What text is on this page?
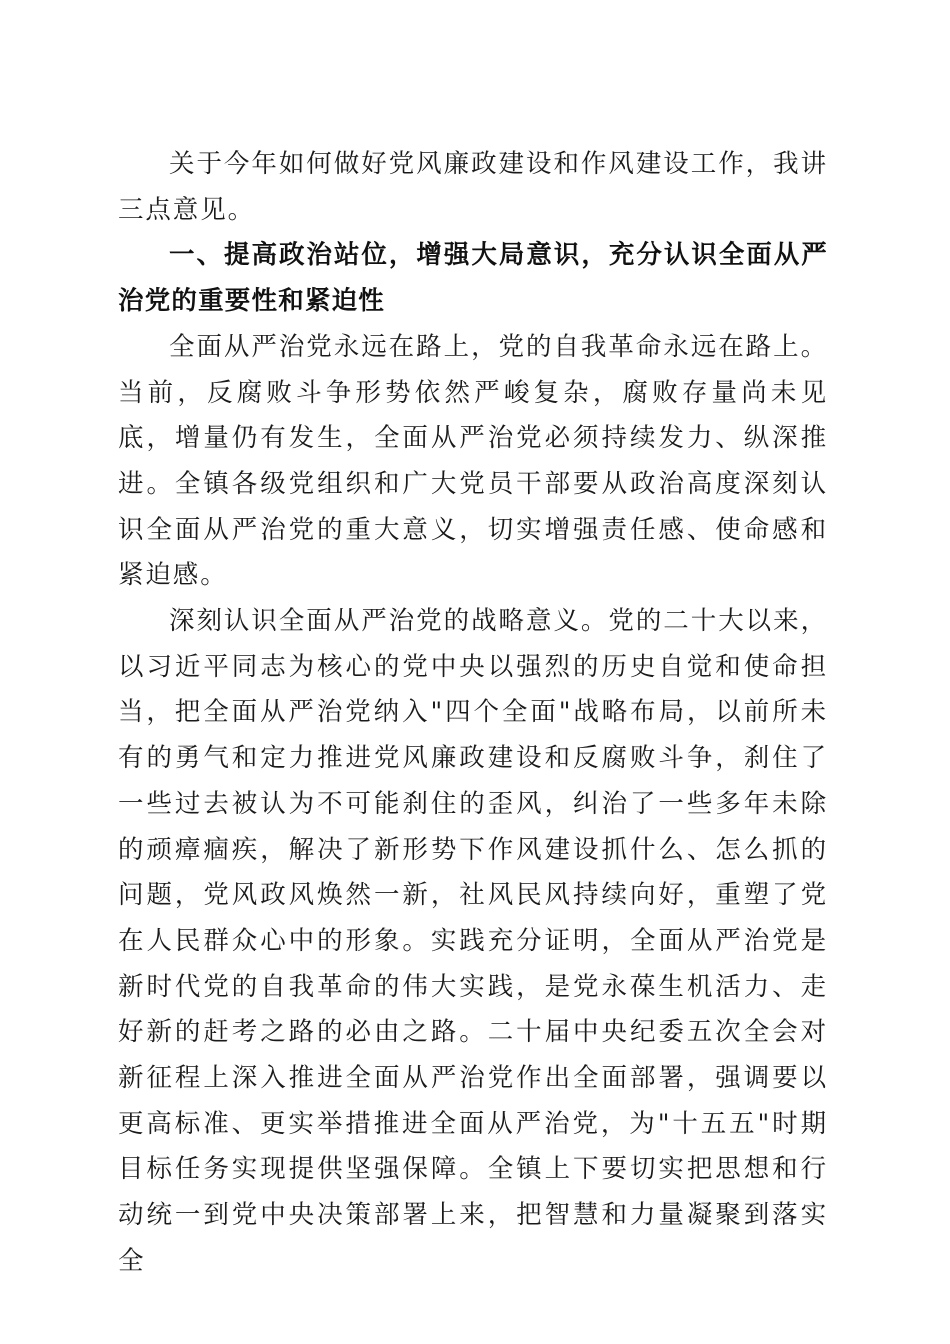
关于今年如何做好党风廉政建设和作风建设工作，我讲三点意见。

一、提高政治站位，增强大局意识，充分认识全面从严治党的重要性和紧迫性

全面从严治党永远在路上，党的自我革命永远在路上。当前，反腐败斗争形势依然严峻复杂，腐败存量尚未见底，增量仍有发生，全面从严治党必须持续发力、纵深推进。全镇各级党组织和广大党员干部要从政治高度深刻认识全面从严治党的重大意义，切实增强责任感、使命感和紧迫感。

深刻认识全面从严治党的战略意义。党的二十大以来，以习近平同志为核心的党中央以强烈的历史自觉和使命担当，把全面从严治党纳入"四个全面"战略布局，以前所未有的勇气和定力推进党风廉政建设和反腐败斗争，刹住了一些过去被认为不可能刹住的歪风，纠治了一些多年未除的顽瘴痼疾，解决了新形势下作风建设抓什么、怎么抓的问题，党风政风焕然一新，社风民风持续向好，重塑了党在人民群众心中的形象。实践充分证明，全面从严治党是新时代党的自我革命的伟大实践，是党永葆生机活力、走好新的赶考之路的必由之路。二十届中央纪委五次全会对新征程上深入推进全面从严治党作出全面部署，强调要以更高标准、更实举措推进全面从严治党，为"十五五"时期目标任务实现提供坚强保障。全镇上下要切实把思想和行动统一到党中央决策部署上来，把智慧和力量凝聚到落实全
